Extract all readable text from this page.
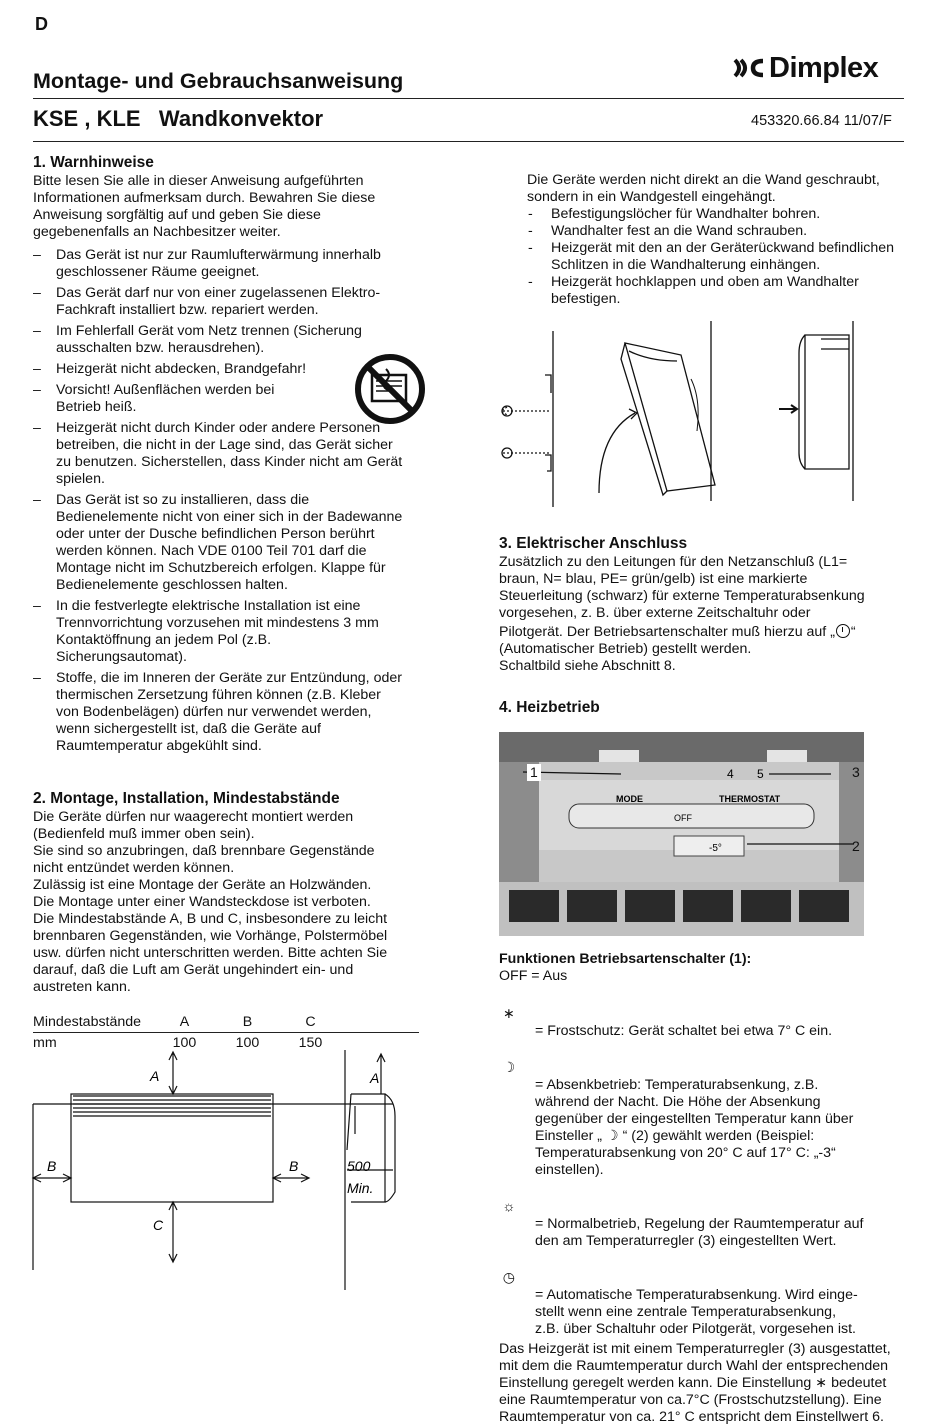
D
Montage- und Gebrauchsanweisung	Dimplex
KSE , KLE   Wandkonvektor	453320.66.84 11/07/F
1. Warnhinweise

Bitte lesen Sie alle in dieser Anweisung aufgeführten
Informationen aufmerksam durch. Bewahren Sie diese
Anweisung sorgfältig auf und geben Sie diese
gegebenenfalls an Nachbesitzer weiter.

– Das Gerät ist nur zur Raumlufterwärmung innerhalb
geschlossener Räume geeignet.
– Das Gerät darf nur von einer zugelassenen Elektro-
Fachkraft installiert bzw. repariert werden.
– Im Fehlerfall Gerät vom Netz trennen (Sicherung
ausschalten bzw. herausdrehen).
– Heizgerät nicht abdecken, Brandgefahr!
– Vorsicht! Außenflächen werden bei
Betrieb heiß.
– Heizgerät nicht durch Kinder oder andere Personen
betreiben, die nicht in der Lage sind, das Gerät sicher
zu benutzen. Sicherstellen, dass Kinder nicht am Gerät
spielen.
– Das Gerät ist so zu installieren, dass die
Bedienelemente nicht von einer sich in der Badewanne
oder unter der Dusche befindlichen Person berührt
werden können. Nach VDE 0100 Teil 701 darf die
Montage nicht im Schutzbereich erfolgen. Klappe für
Bedienelemente geschlossen halten.
– In die festverlegte elektrische Installation ist eine
Trennvorrichtung vorzusehen mit mindestens 3 mm
Kontaktöffnung an jedem Pol (z.B.
Sicherungsautomat).
– Stoffe, die im Inneren der Geräte zur Entzündung, oder
thermischen Zersetzung führen können (z.B. Kleber
von Bodenbelägen) dürfen nur verwendet werden,
wenn sichergestellt ist, daß die Geräte auf
Raumtemperatur abgekühlt sind.
2. Montage, Installation, Mindestabstände

Die Geräte dürfen nur waagerecht montiert werden
(Bedienfeld muß immer oben sein).
Sie sind so anzubringen, daß brennbare Gegenstände
nicht entzündet werden können.
Zulässig ist eine Montage der Geräte an Holzwänden.
Die Montage unter einer Wandsteckdose ist verboten.
Die Mindestabstände A, B und C, insbesondere zu leicht
brennbaren Gegenständen, wie Vorhänge, Polstermöbel
usw. dürfen nicht unterschritten werden. Bitte achten Sie
darauf, daß die Luft am Gerät ungehindert ein- und
austreten kann.

Mindestabstände	A	B	C
mm	100	100	150
A
C
B	B
A
500
Min.

Die Geräte werden nicht direkt an die Wand geschraubt,
sondern in ein Wandgestell eingehängt.

- Befestigungslöcher für Wandhalter bohren.
- Wandhalter fest an die Wand schrauben.
- Heizgerät mit den an der Geräterückwand befindlichen
Schlitzen in die Wandhalterung einhängen.
- Heizgerät hochklappen und oben am Wandhalter
befestigen.
3. Elektrischer Anschluss

Zusätzlich zu den Leitungen für den Netzanschluß (L1=
braun, N= blau, PE= grün/gelb) ist eine markierte
Steuerleitung (schwarz) für externe Temperaturabsenkung
vorgesehen, z. B. über externe Zeitschaltuhr oder
Pilotgerät. Der Betriebsartenschalter muß hierzu auf „ “
(Automatischer Betrieb) gestellt werden.
Schaltbild siehe Abschnitt 8.

4. Heizbetrieb
MODE	THERMOSTAT
OFF
-5°
4 5
1	3
2
Funktionen Betriebsartenschalter (1):
OFF = Aus

∗

= Frostschutz: Gerät schaltet bei etwa 7° C ein.

☽

= Absenkbetrieb: Temperaturabsenkung, z.B.
während der Nacht. Die Höhe der Absenkung
gegenüber der eingestellten Temperatur kann über
Einsteller „ ☽ “ (2) gewählt werden (Beispiel:
Temperaturabsenkung von 20° C auf 17° C: „-3“
einstellen).

☼

= Normalbetrieb, Regelung der Raumtemperatur auf
den am Temperaturregler (3) eingestellten Wert.

◷

= Automatische Temperaturabsenkung. Wird einge-
stellt wenn eine zentrale Temperaturabsenkung,
z.B. über Schaltuhr oder Pilotgerät, vorgesehen ist.

Das Heizgerät ist mit einem Temperaturregler (3) ausgestattet,
mit dem die Raumtemperatur durch Wahl der entsprechenden
Einstellung geregelt werden kann. Die Einstellung ∗ bedeutet
eine Raumtemperatur von ca.7°C (Frostschutzstellung). Eine
Raumtemperatur von ca. 21° C entspricht dem Einstellwert 6.
